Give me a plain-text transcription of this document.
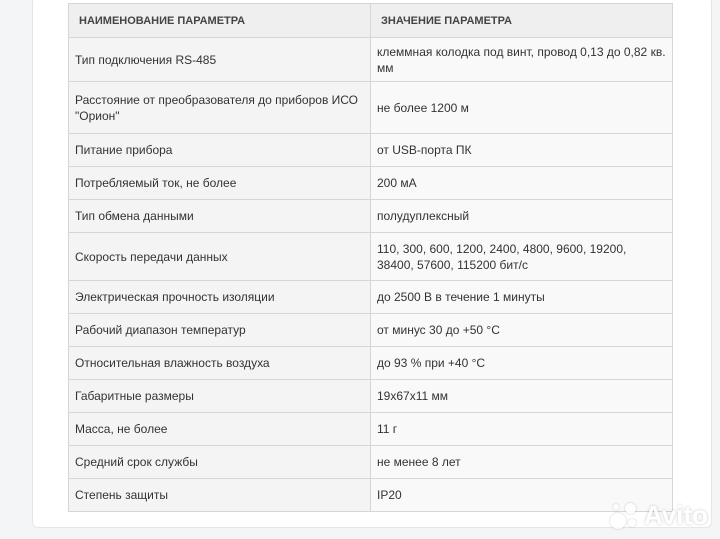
НАИМЕНОВАНИЕ ПАРАМЕТРА	ЗНАЧЕНИЕ ПАРАМЕТРА
Тип подключения RS-485	клеммная колодка под винт, провод 0,13 до 0,82 кв. мм
Расстояние от преобразователя до приборов ИСО "Орион"	не более 1200 м
Питание прибора	от USB-порта ПК
Потребляемый ток, не более	200 мА
Тип обмена данными	полудуплексный
Скорость передачи данных	110, 300, 600, 1200, 2400, 4800, 9600, 19200, 38400, 57600, 115200 бит/с
Электрическая прочность изоляции	до 2500 В в течение 1 минуты
Рабочий диапазон температур	от минус 30 до +50 °С
Относительная влажность воздуха	до 93 % при +40 °С
Габаритные размеры	19х67х11 мм
Масса, не более	11 г
Средний срок службы	не менее 8 лет
Степень защиты	IP20
Avito
